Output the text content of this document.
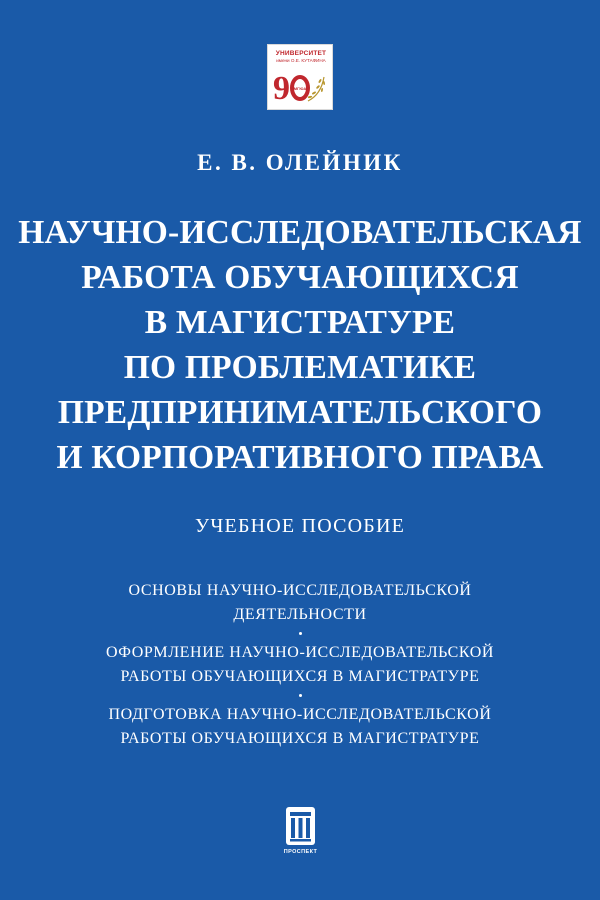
9 МГЮА
УНИВЕРСИТЕТ
имени О.Е. КУТАФИНА
Е. В. ОЛЕЙНИК
НАУЧНО-ИССЛЕДОВАТЕЛЬСКАЯ
РАБОТА ОБУЧАЮЩИХСЯ
В МАГИСТРАТУРЕ
ПО ПРОБЛЕМАТИКЕ
ПРЕДПРИНИМАТЕЛЬСКОГО
И КОРПОРАТИВНОГО ПРАВА
УЧЕБНОЕ ПОСОБИЕ
ОСНОВЫ НАУЧНО-ИССЛЕДОВАТЕЛЬСКОЙ
ДЕЯТЕЛЬНОСТИ
ОФОРМЛЕНИЕ НАУЧНО-ИССЛЕДОВАТЕЛЬСКОЙ
РАБОТЫ ОБУЧАЮЩИХСЯ В МАГИСТРАТУРЕ
ПОДГОТОВКА НАУЧНО-ИССЛЕДОВАТЕЛЬСКОЙ
РАБОТЫ ОБУЧАЮЩИХСЯ В МАГИСТРАТУРЕ
ПРОСПЕКТ
